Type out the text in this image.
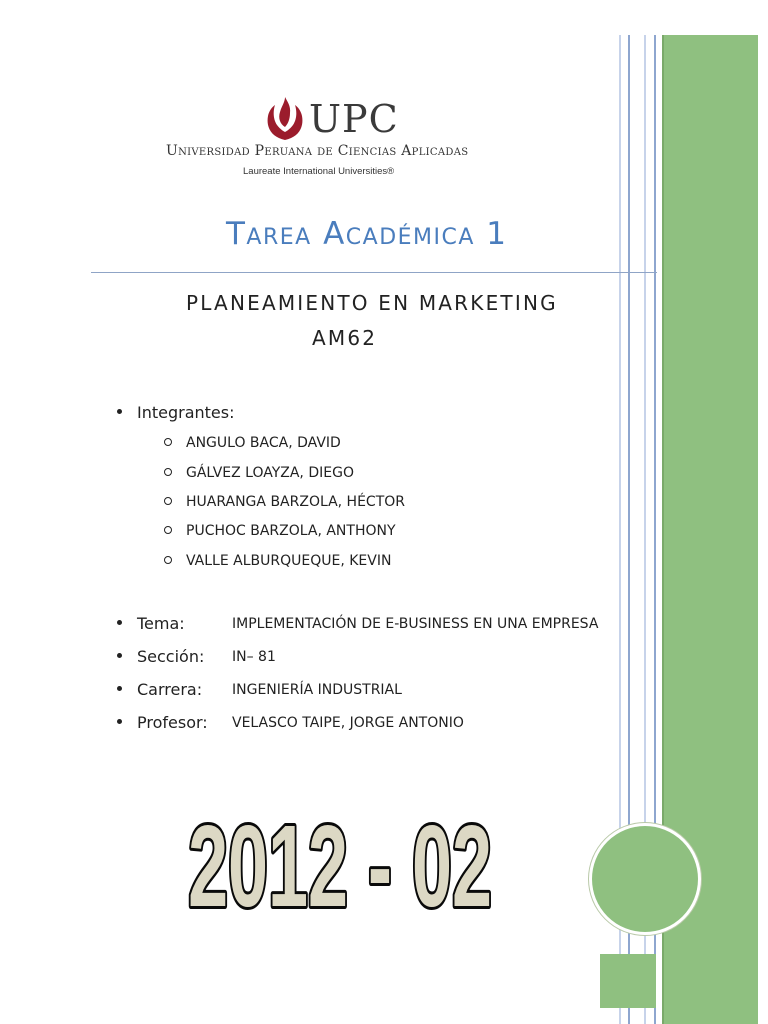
UPC
Universidad Peruana de Ciencias Aplicadas
Laureate International Universities®
Tarea Académica 1
PLANEAMIENTO EN MARKETING
AM62
Integrantes:
ANGULO BACA, DAVID
GÁLVEZ LOAYZA, DIEGO
HUARANGA BARZOLA, HÉCTOR
PUCHOC BARZOLA, ANTHONY
VALLE ALBURQUEQUE, KEVIN
Tema:	IMPLEMENTACIÓN DE E-BUSINESS EN UNA EMPRESA
Sección: IN– 81
Carrera: INGENIERÍA INDUSTRIAL
Profesor: VELASCO TAIPE, JORGE ANTONIO
2012 - 02
